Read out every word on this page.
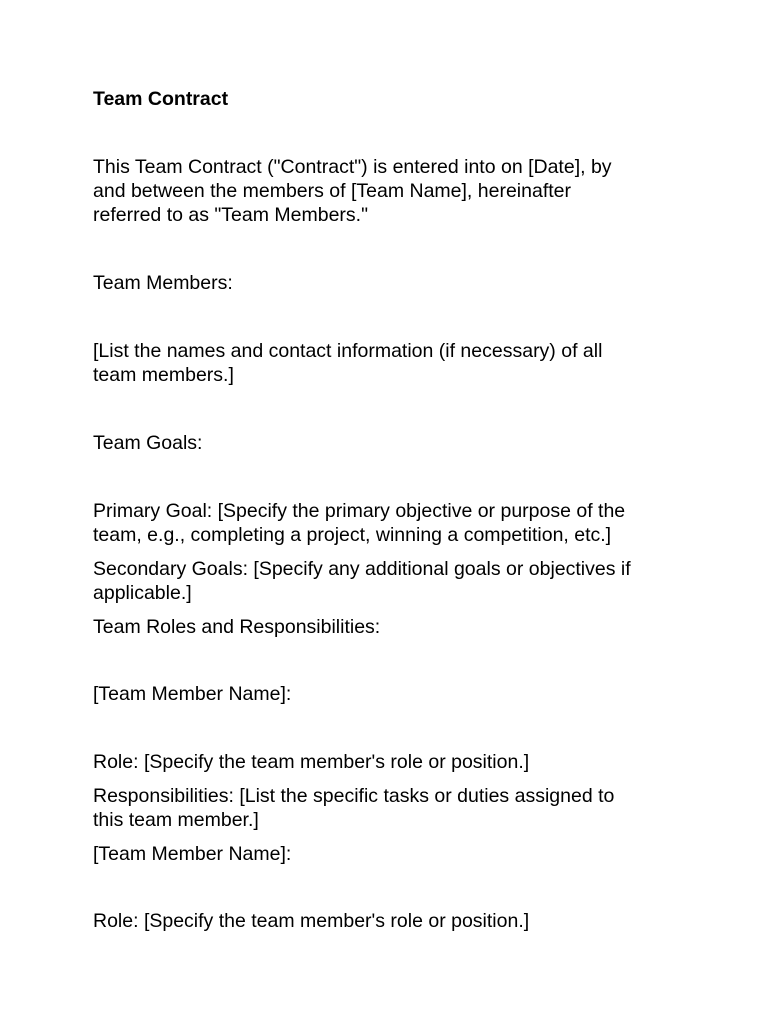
Team Contract

This Team Contract ("Contract") is entered into on [Date], by
and between the members of [Team Name], hereinafter
referred to as "Team Members."

Team Members:

[List the names and contact information (if necessary) of all
team members.]

Team Goals:

Primary Goal: [Specify the primary objective or purpose of the
team, e.g., completing a project, winning a competition, etc.]

Secondary Goals: [Specify any additional goals or objectives if
applicable.]

Team Roles and Responsibilities:

[Team Member Name]:

Role: [Specify the team member's role or position.]

Responsibilities: [List the specific tasks or duties assigned to
this team member.]

[Team Member Name]:

Role: [Specify the team member's role or position.]
